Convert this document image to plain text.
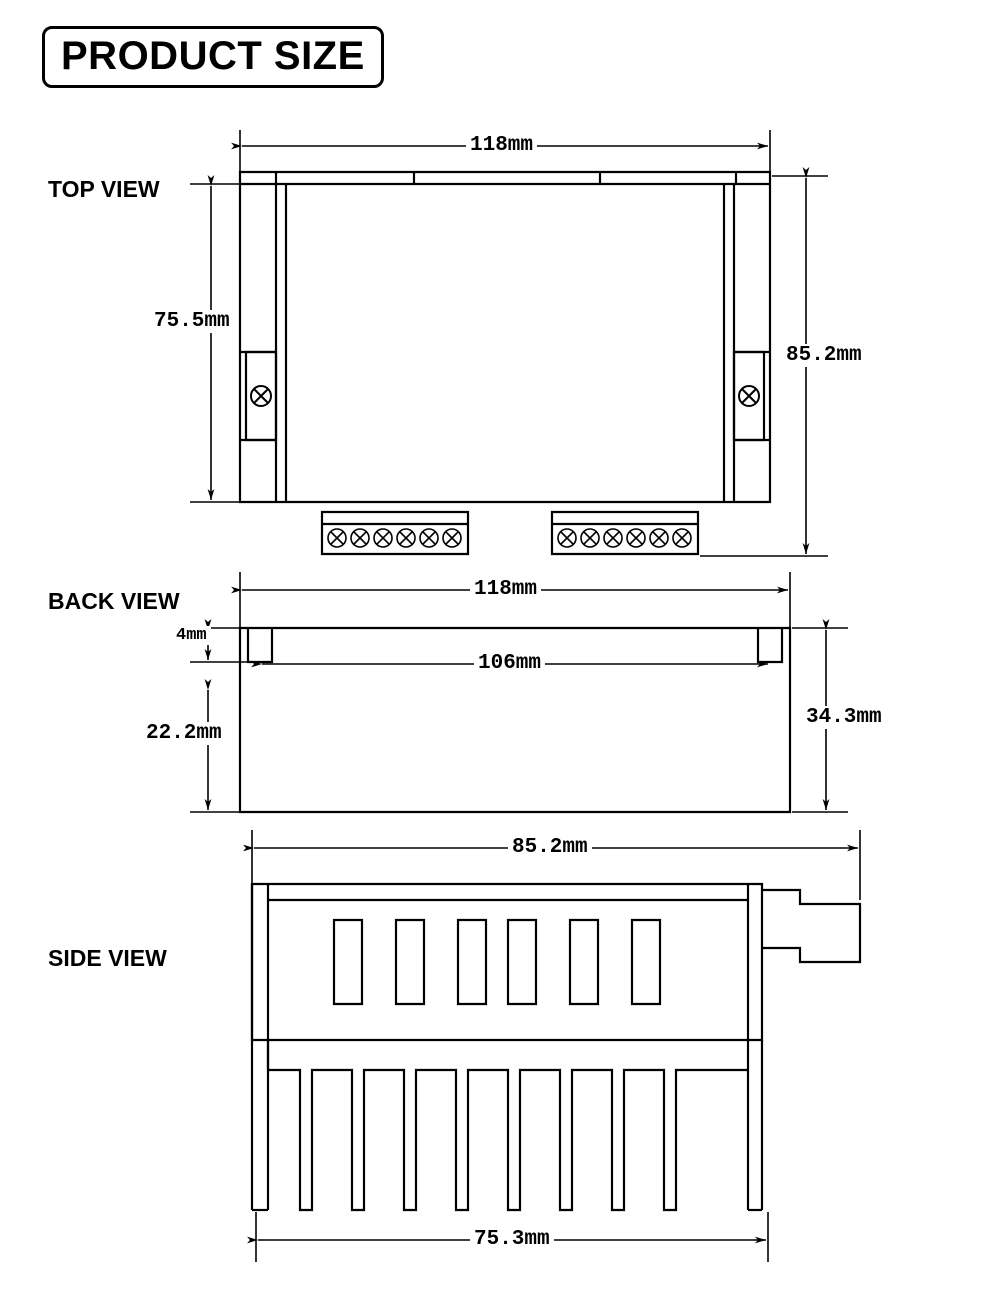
PRODUCT SIZE
TOP VIEW
BACK VIEW
SIDE VIEW
118mm
75.5mm
85.2mm
118mm
106mm
4mm
22.2mm
34.3mm
85.2mm
75.3mm
